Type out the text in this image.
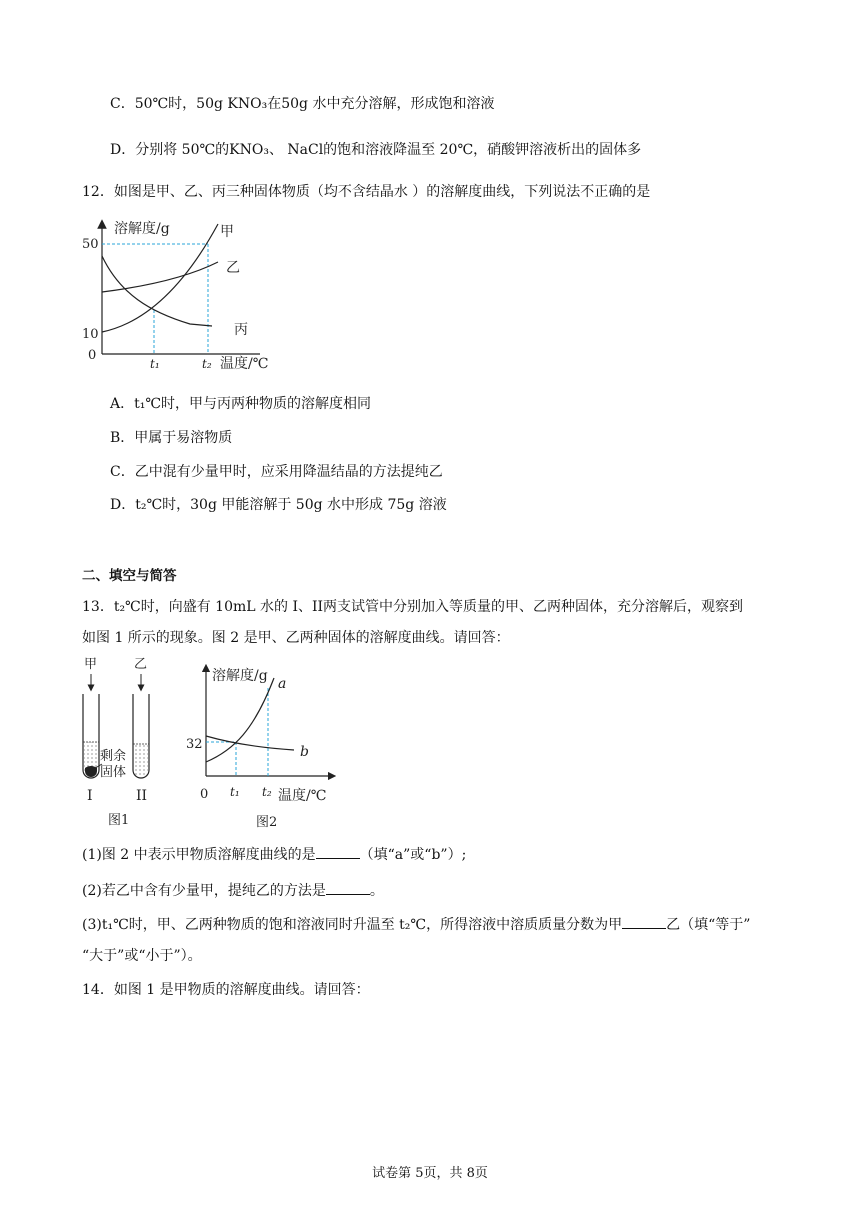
C．50℃时，50g KNO₃在50g 水中充分溶解，形成饱和溶液
D．分别将 50℃的KNO₃、 NaCl的饱和溶液降温至 20℃，硝酸钾溶液析出的固体多
12．如图是甲、乙、丙三种固体物质（均不含结晶水 ）的溶解度曲线，下列说法不正确的是
溶解度/g
50
10
0
t₁	t₂ 温度/℃
甲
乙
丙
A．t₁℃时，甲与丙两种物质的溶解度相同
B．甲属于易溶物质
C．乙中混有少量甲时，应采用降温结晶的方法提纯乙
D．t₂℃时，30g 甲能溶解于 50g 水中形成 75g 溶液
二、填空与简答
13．t₂℃时，向盛有 10mL 水的 I、II两支试管中分别加入等质量的甲、乙两种固体，充分溶解后，观察到
如图 1 所示的现象。图 2 是甲、乙两种固体的溶解度曲线。请回答：
甲	乙
剩余
固体
I	II
图1
溶解度/g
32
0 t₁ t₂ 温度/℃
a
b
图2
(1)图 2 中表示甲物质溶解度曲线的是	（填“a”或“b”）;
(2)若乙中含有少量甲，提纯乙的方法是	。
(3)t₁℃时，甲、乙两种物质的饱和溶液同时升温至 t₂℃，所得溶液中溶质质量分数为甲	乙（填“等于”
“大于”或“小于”）。
14．如图 1 是甲物质的溶解度曲线。请回答：
试卷第 5页，共 8页
